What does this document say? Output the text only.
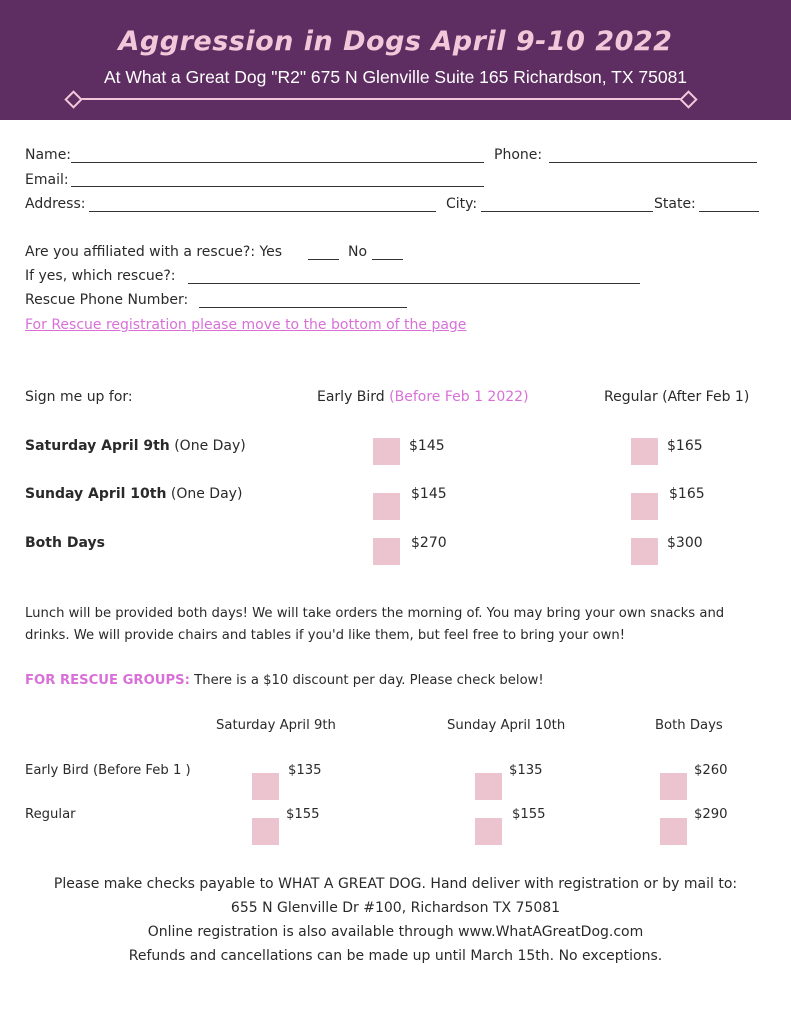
Aggression in Dogs April 9-10 2022
At What a Great Dog "R2" 675 N Glenville Suite 165 Richardson, TX 75081
Name:	Phone:
Email:
Address:	City:	State:
Are you affiliated with a rescue?: Yes	No
If yes, which rescue?:
Rescue Phone Number:
For Rescue registration please move to the bottom of the page
Sign me up for:	Early Bird (Before Feb 1 2022)	Regular (After Feb 1)
Saturday April 9th (One Day)	$145	$165
Sunday April 10th (One Day)	$145	$165
Both Days	$270	$300
Lunch will be provided both days! We will take orders the morning of. You may bring your own snacks and
drinks. We will provide chairs and tables if you'd like them, but feel free to bring your own!
FOR RESCUE GROUPS: There is a $10 discount per day. Please check below!
Saturday April 9th	Sunday April 10th	Both Days
Early Bird (Before Feb 1 )	$135	$135	$260
Regular	$155	$155	$290
Please make checks payable to WHAT A GREAT DOG. Hand deliver with registration or by mail to:
655 N Glenville Dr #100, Richardson TX 75081
Online registration is also available through www.WhatAGreatDog.com
Refunds and cancellations can be made up until March 15th. No exceptions.
